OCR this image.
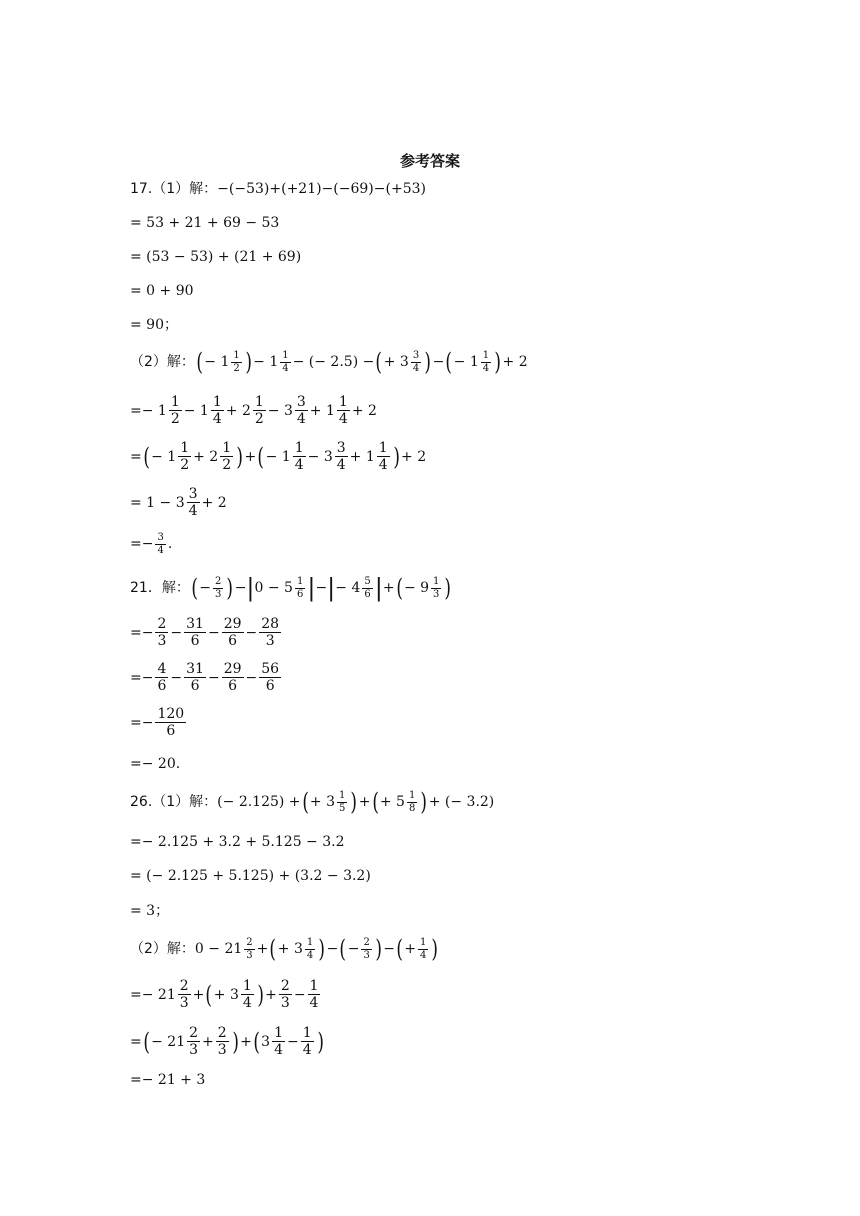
参考答案
17.（1）解： −(−53)+(+21)−(−69)−(+53)
= 53 + 21 + 69 − 53
= (53 − 53) + (21 + 69)
= 0 + 90
= 90；
（2）解： ( − $1 \frac{1}{2}$ ) − $1 \frac{1}{4}$ − (− 2.5) − ( + $3 \frac{3}{4}$ ) − ( − $1 \frac{1}{4}$ ) + 2
=− $1 \frac{1}{2} - 1 \frac{1}{4} + 2 \frac{1}{2} - 3 \frac{3}{4} + 1 \frac{1}{4} + 2$
= ( − $1 \frac{1}{2} + 2 \frac{1}{2}$ ) + ( − $1 \frac{1}{4} - 3 \frac{3}{4} + 1 \frac{1}{4}$ ) + 2
= $1 - 3 \frac{3}{4} + 2$
=− $\frac{3}{4}$ .
21．解： ( − $\frac{2}{3}$ ) − | $0 - 5 \frac{1}{6}$ | − | − $4 \frac{5}{6}$ | + ( − $9 \frac{1}{3}$ )
=− $\frac{2}{3} - \frac{31}{6} - \frac{29}{6} - \frac{28}{3}$
=− $\frac{4}{6} - \frac{31}{6} - \frac{29}{6} - \frac{56}{6}$
=− $\frac{120}{6}$
=− 20.
26.（1）解： (− 2.125) + ( + $3 \frac{1}{5}$ ) + ( + $5 \frac{1}{8}$ ) + (− 3.2)
=− 2.125 + 3.2 + 5.125 − 3.2
= (− 2.125 + 5.125) + (3.2 − 3.2)
= 3；
（2）解： $0 - 21 \frac{2}{3}$ + ( + $3 \frac{1}{4}$ ) − ( − $\frac{2}{3}$ ) − ( + $\frac{1}{4}$ )
=− $21 \frac{2}{3}$ + ( + $3 \frac{1}{4}$ ) + $\frac{2}{3} - \frac{1}{4}$
= ( − $21 \frac{2}{3} + \frac{2}{3}$ ) + ( $3 \frac{1}{4} - \frac{1}{4}$ )
=− 21 + 3
